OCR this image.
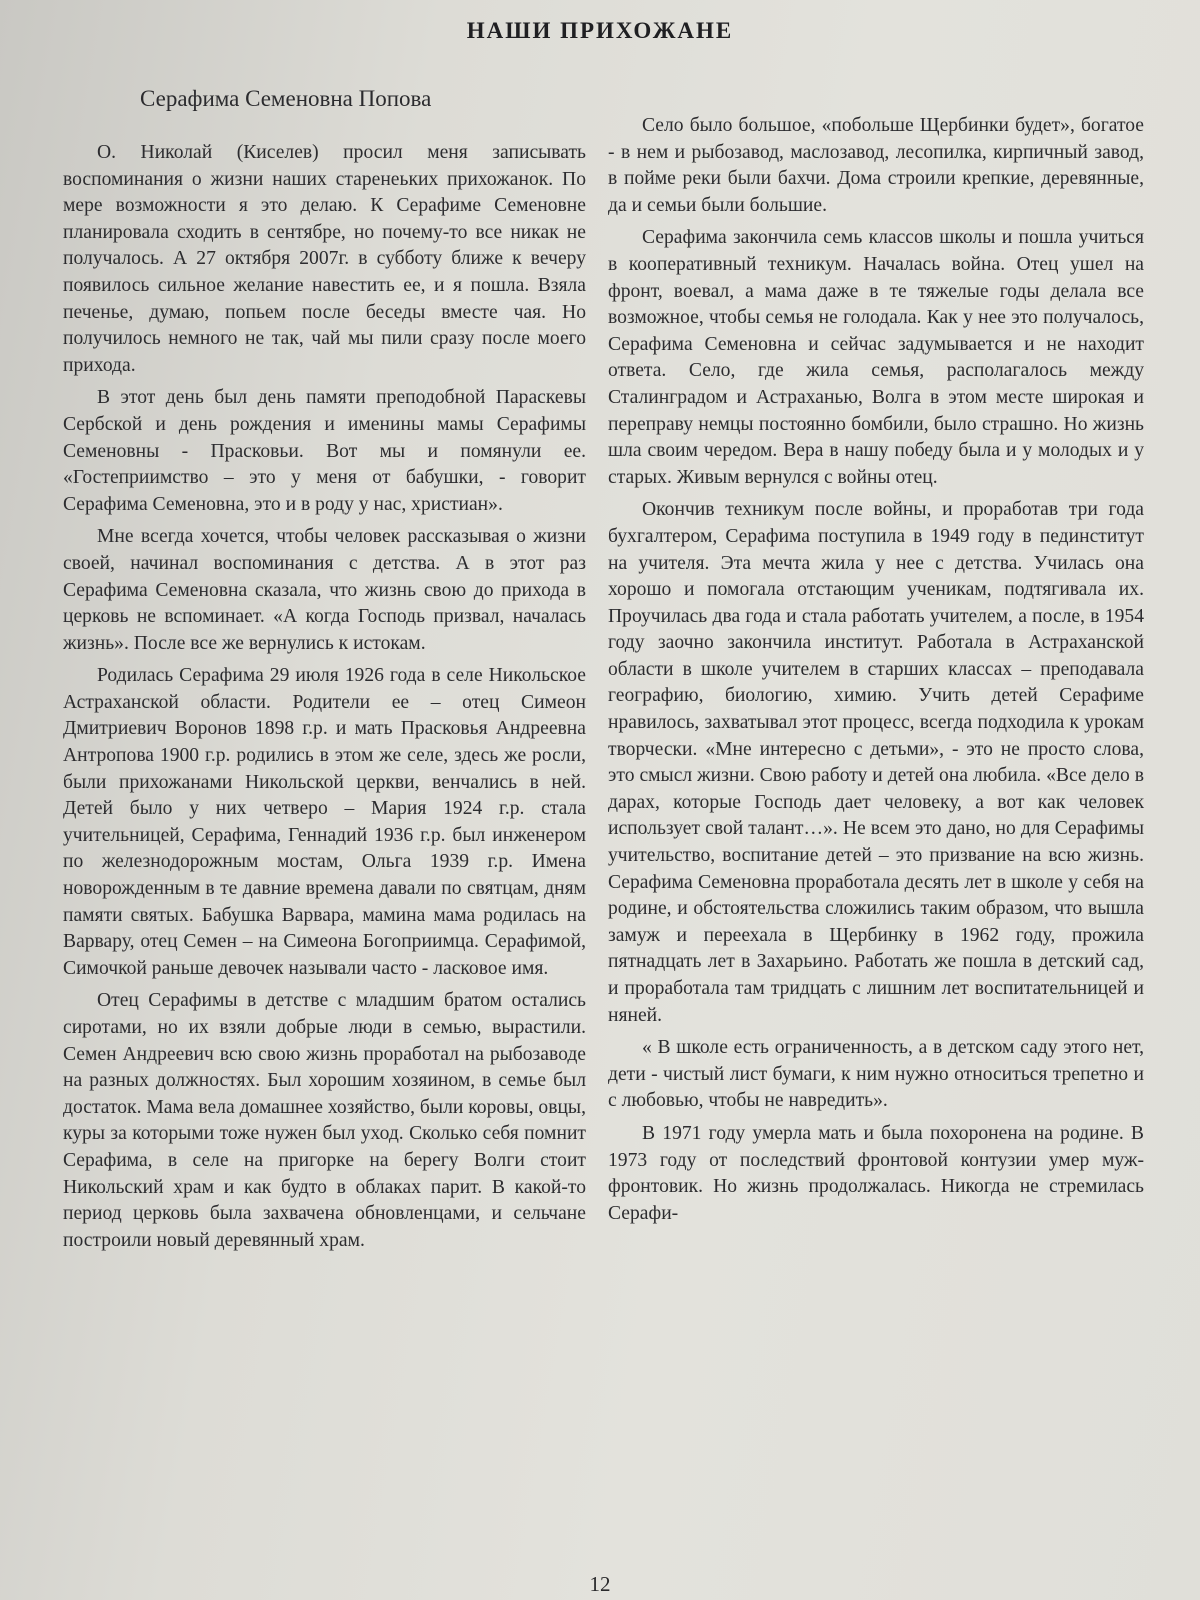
НАШИ ПРИХОЖАНЕ
Серафима Семеновна Попова

О. Николай (Киселев) просил меня записывать воспоминания о жизни наших старенеьких прихожанок. По мере возможности я это делаю. К Серафиме Семеновне планировала сходить в сентябре, но почему-то все никак не получалось. А 27 октября 2007г. в субботу ближе к вечеру появилось сильное желание навестить ее, и я пошла. Взяла печенье, думаю, попьем после беседы вместе чая. Но получилось немного не так, чай мы пили сразу после моего прихода.

В этот день был день памяти преподобной Параскевы Сербской и день рождения и именины мамы Серафимы Семеновны - Прасковьи. Вот мы и помянули ее. «Гостеприимство – это у меня от бабушки, - говорит Серафима Семеновна, это и в роду у нас, христиан».

Мне всегда хочется, чтобы человек рассказывая о жизни своей, начинал воспоминания с детства. А в этот раз Серафима Семеновна сказала, что жизнь свою до прихода в церковь не вспоминает. «А когда Господь призвал, началась жизнь». После все же вернулись к истокам.

Родилась Серафима 29 июля 1926 года в селе Никольское Астраханской области. Родители ее – отец Симеон Дмитриевич Воронов 1898 г.р. и мать Прасковья Андреевна Антропова 1900 г.р. родились в этом же селе, здесь же росли, были прихожанами Никольской церкви, венчались в ней. Детей было у них четверо – Мария 1924 г.р. стала учительницей, Серафима, Геннадий 1936 г.р. был инженером по железнодорожным мостам, Ольга 1939 г.р. Имена новорожденным в те давние времена давали по святцам, дням памяти святых. Бабушка Варвара, мамина мама родилась на Варвару, отец Семен – на Симеона Богоприимца. Серафимой, Симочкой раньше девочек называли часто - ласковое имя.

Отец Серафимы в детстве с младшим братом остались сиротами, но их взяли добрые люди в семью, вырастили. Семен Андреевич всю свою жизнь проработал на рыбозаводе на разных должностях. Был хорошим хозяином, в семье был достаток. Мама вела домашнее хозяйство, были коровы, овцы, куры за которыми тоже нужен был уход. Сколько себя помнит Серафима, в селе на пригорке на берегу Волги стоит Никольский храм и как будто в облаках парит. В какой-то период церковь была захвачена обновленцами, и сельчане построили новый деревянный храм.

Село было большое, «побольше Щербинки будет», богатое - в нем и рыбозавод, маслозавод, лесопилка, кирпичный завод, в пойме реки были бахчи. Дома строили крепкие, деревянные, да и семьи были большие.

Серафима закончила семь классов школы и пошла учиться в кооперативный техникум. Началась война. Отец ушел на фронт, воевал, а мама даже в те тяжелые годы делала все возможное, чтобы семья не голодала. Как у нее это получалось, Серафима Семеновна и сейчас задумывается и не находит ответа. Село, где жила семья, располагалось между Сталинградом и Астраханью, Волга в этом месте широкая и переправу немцы постоянно бомбили, было страшно. Но жизнь шла своим чередом. Вера в нашу победу была и у молодых и у старых. Живым вернулся с войны отец.

Окончив техникум после войны, и проработав три года бухгалтером, Серафима поступила в 1949 году в пединститут на учителя. Эта мечта жила у нее с детства. Училась она хорошо и помогала отстающим ученикам, подтягивала их. Проучилась два года и стала работать учителем, а после, в 1954 году заочно закончила институт. Работала в Астраханской области в школе учителем в старших классах – преподавала географию, биологию, химию. Учить детей Серафиме нравилось, захватывал этот процесс, всегда подходила к урокам творчески. «Мне интересно с детьми», - это не просто слова, это смысл жизни. Свою работу и детей она любила. «Все дело в дарах, которые Господь дает человеку, а вот как человек использует свой талант…». Не всем это дано, но для Серафимы учительство, воспитание детей – это призвание на всю жизнь. Серафима Семеновна проработала десять лет в школе у себя на родине, и обстоятельства сложились таким образом, что вышла замуж и переехала в Щербинку в 1962 году, прожила пятнадцать лет в Захарьино. Работать же пошла в детский сад, и проработала там тридцать с лишним лет воспитательницей и няней.

« В школе есть ограниченность, а в детском саду этого нет, дети - чистый лист бумаги, к ним нужно относиться трепетно и с любовью, чтобы не навредить».

В 1971 году умерла мать и была похоронена на родине. В 1973 году от последствий фронтовой контузии умер муж-фронтовик. Но жизнь продолжалась. Никогда не стремилась Серафи-

12
